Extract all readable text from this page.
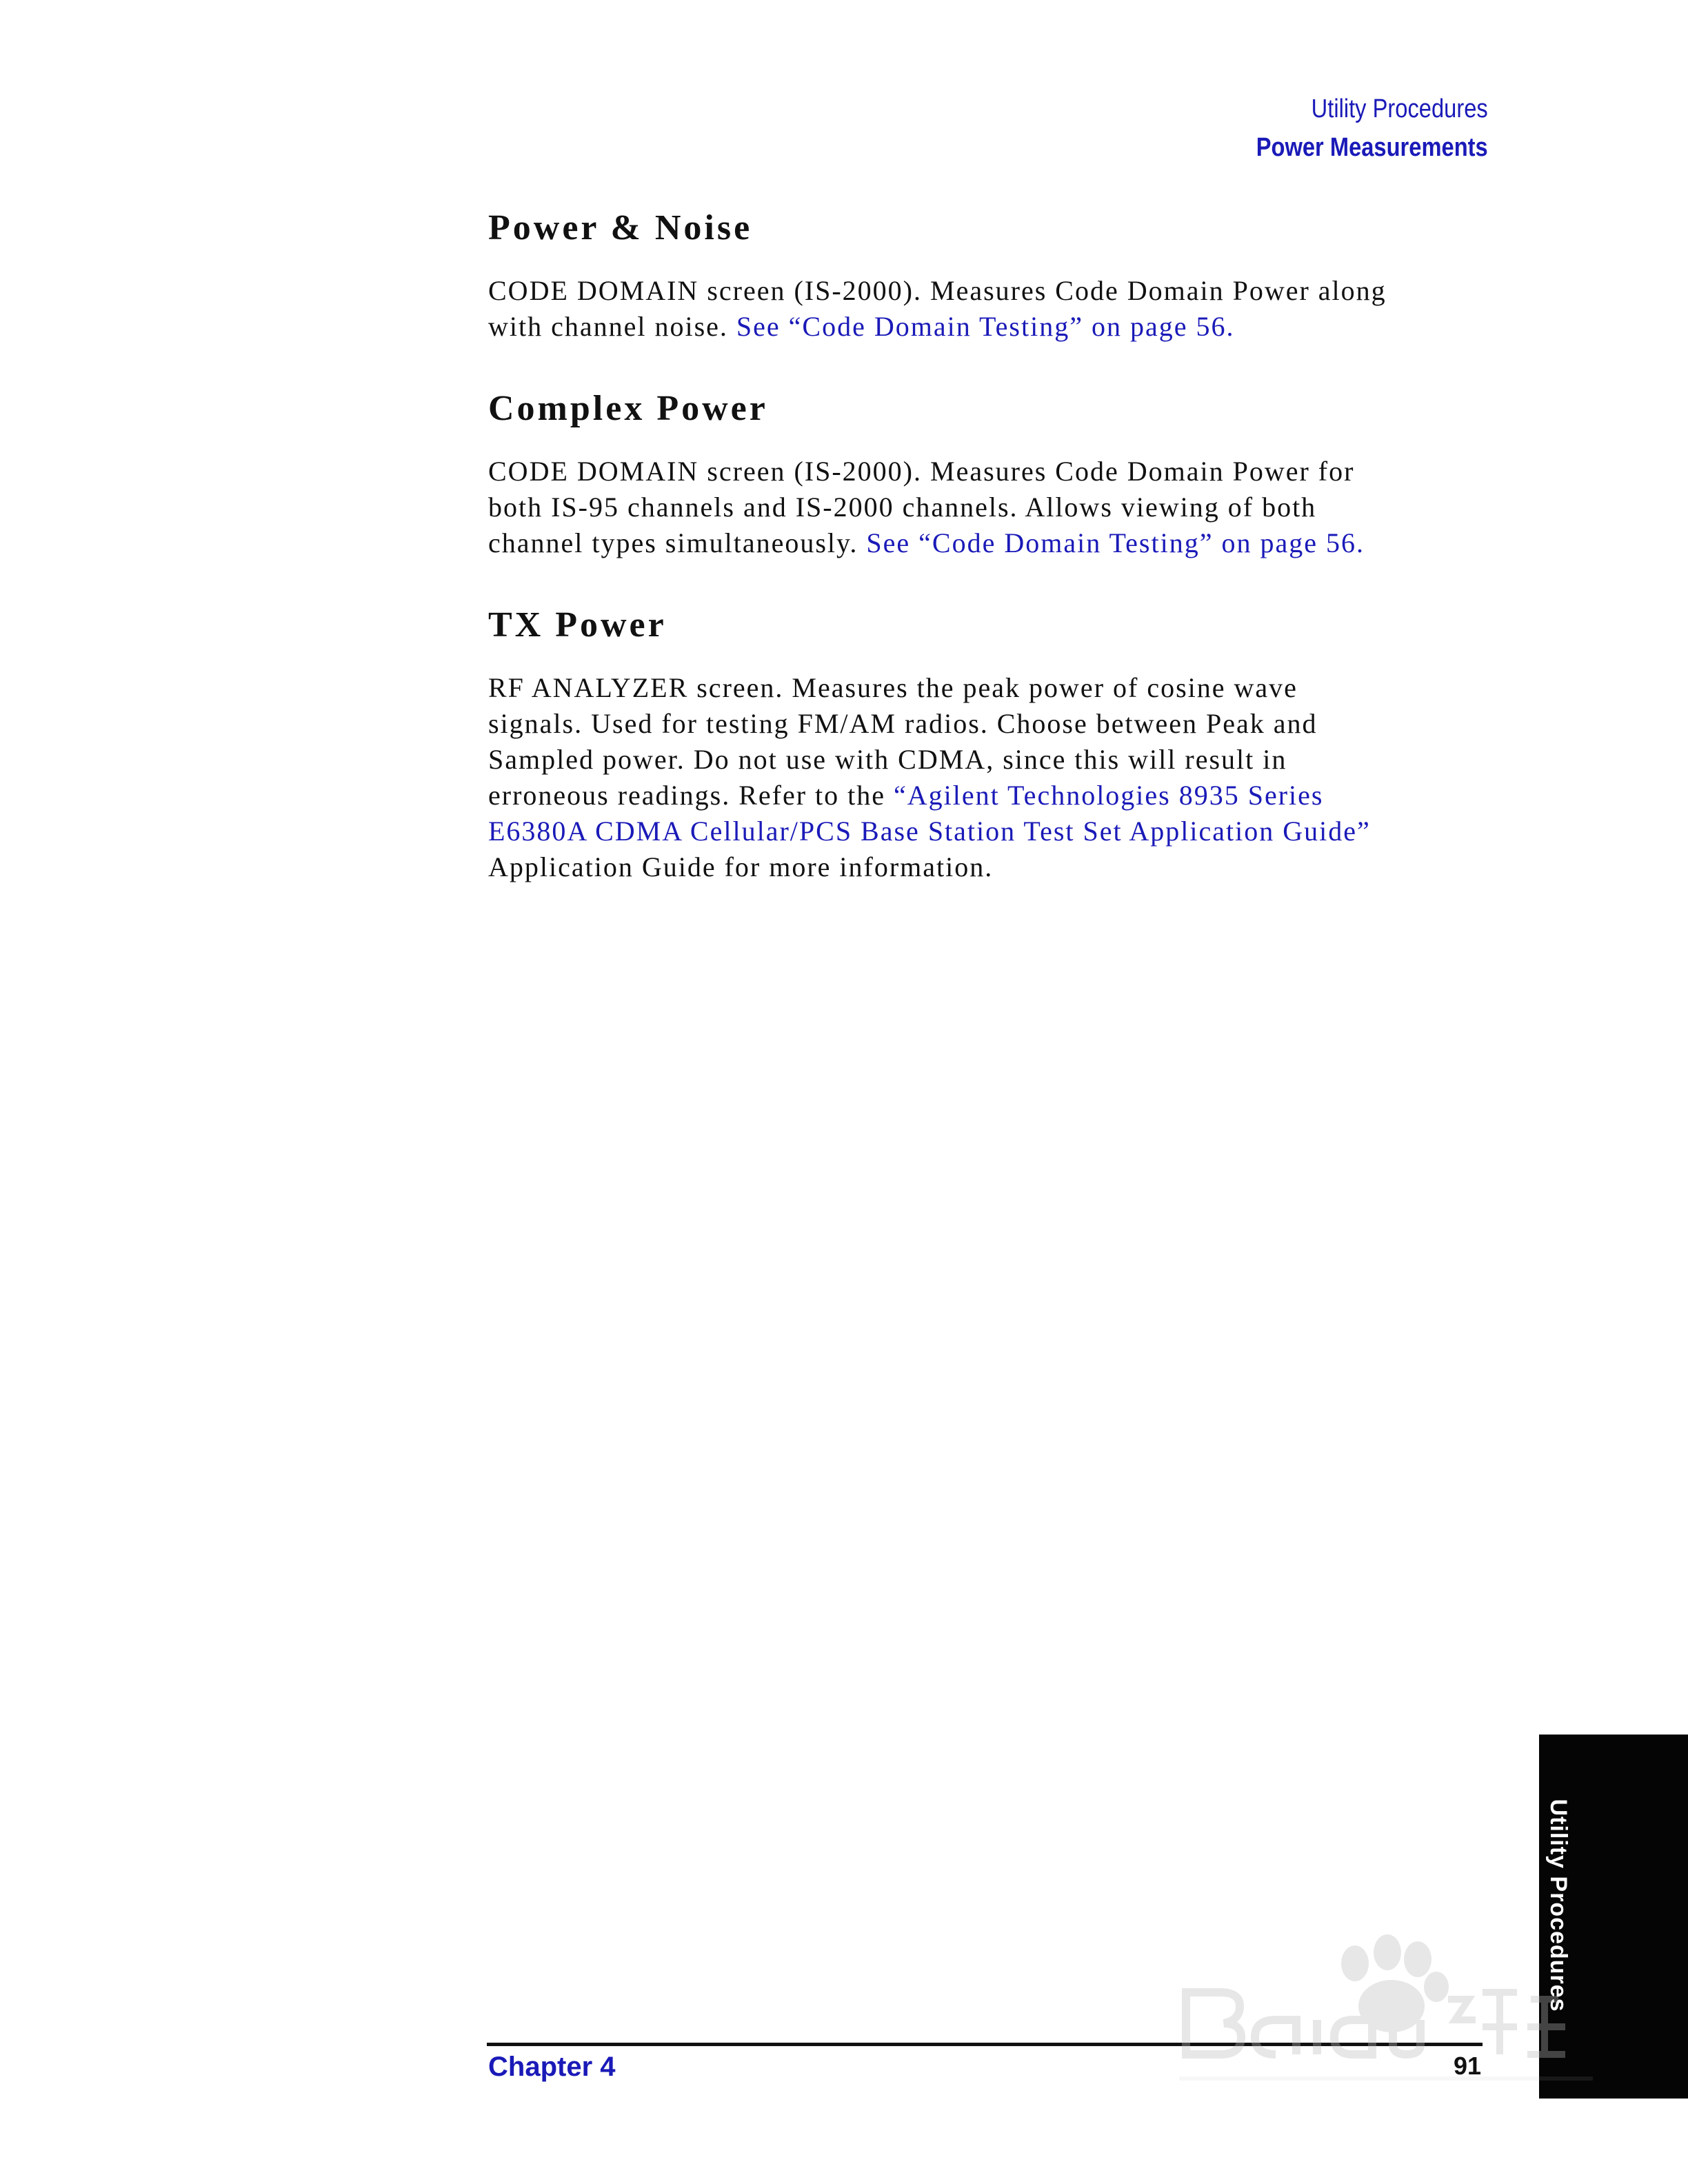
Utility Procedures
Power Measurements
Power & Noise

CODE DOMAIN screen (IS-2000). Measures Code Domain Power along
with channel noise. See “Code Domain Testing” on page 56.

Complex Power

CODE DOMAIN screen (IS-2000). Measures Code Domain Power for
both IS-95 channels and IS-2000 channels. Allows viewing of both
channel types simultaneously. See “Code Domain Testing” on page 56.

TX Power

RF ANALYZER screen. Measures the peak power of cosine wave
signals. Used for testing FM/AM radios. Choose between Peak and
Sampled power. Do not use with CDMA, since this will result in
erroneous readings. Refer to the “Agilent Technologies 8935 Series
E6380A CDMA Cellular/PCS Base Station Test Set Application Guide”
Application Guide for more information.

Chapter 4	91
Utility Procedures
